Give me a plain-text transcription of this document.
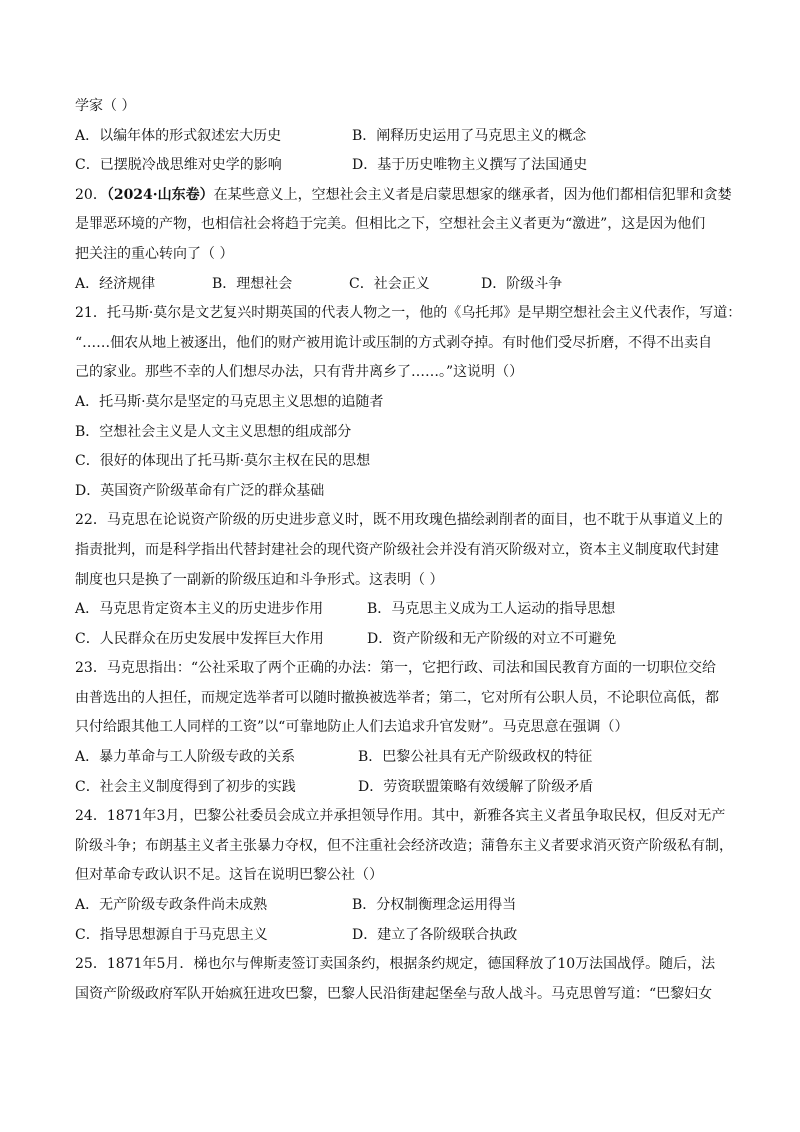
学家（ ）
A．以编年体的形式叙述宏大历史	B．阐释历史运用了马克思主义的概念
C．已摆脱冷战思维对史学的影响	D．基于历史唯物主义撰写了法国通史
20．（2024·山东卷）在某些意义上，空想社会主义者是启蒙思想家的继承者，因为他们都相信犯罪和贪婪
是罪恶环境的产物，也相信社会将趋于完美。但相比之下，空想社会主义者更为“激进”，这是因为他们
把关注的重心转向了（ ）
A．经济规律	B．理想社会	C．社会正义	D．阶级斗争
21．托马斯·莫尔是文艺复兴时期英国的代表人物之一，他的《乌托邦》是早期空想社会主义代表作，写道：
“……佃农从地上被逐出，他们的财产被用诡计或压制的方式剥夺掉。有时他们受尽折磨，不得不出卖自
己的家业。那些不幸的人们想尽办法，只有背井离乡了……。”这说明（）
A．托马斯·莫尔是坚定的马克思主义思想的追随者
B．空想社会主义是人文主义思想的组成部分
C．很好的体现出了托马斯·莫尔主权在民的思想
D．英国资产阶级革命有广泛的群众基础
22．马克思在论说资产阶级的历史进步意义时，既不用玫瑰色描绘剥削者的面目，也不耽于从事道义上的
指责批判，而是科学指出代替封建社会的现代资产阶级社会并没有消灭阶级对立，资本主义制度取代封建
制度也只是换了一副新的阶级压迫和斗争形式。这表明（ ）
A．马克思肯定资本主义的历史进步作用	B．马克思主义成为工人运动的指导思想
C．人民群众在历史发展中发挥巨大作用	D．资产阶级和无产阶级的对立不可避免
23．马克思指出：“公社采取了两个正确的办法：第一，它把行政、司法和国民教育方面的一切职位交给
由普选出的人担任，而规定选举者可以随时撤换被选举者；第二，它对所有公职人员，不论职位高低，都
只付给跟其他工人同样的工资”以“可靠地防止人们去追求升官发财”。马克思意在强调（）
A．暴力革命与工人阶级专政的关系	B．巴黎公社具有无产阶级政权的特征
C．社会主义制度得到了初步的实践	D．劳资联盟策略有效缓解了阶级矛盾
24．1871年3月，巴黎公社委员会成立并承担领导作用。其中，新雅各宾主义者虽争取民权，但反对无产
阶级斗争；布朗基主义者主张暴力夺权，但不注重社会经济改造；蒲鲁东主义者要求消灭资产阶级私有制，
但对革命专政认识不足。这旨在说明巴黎公社（）
A．无产阶级专政条件尚未成熟	B．分权制衡理念运用得当
C．指导思想源自于马克思主义	D．建立了各阶级联合执政
25．1871年5月．梯也尔与俾斯麦签订卖国条约，根据条约规定，德国释放了10万法国战俘。随后，法
国资产阶级政府军队开始疯狂进攻巴黎，巴黎人民沿街建起堡垒与敌人战斗。马克思曾写道：“巴黎妇女
